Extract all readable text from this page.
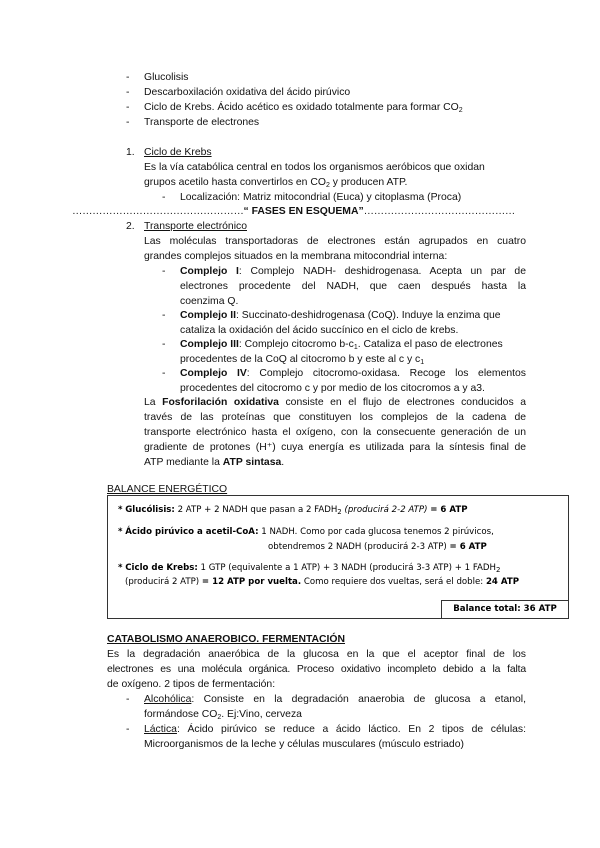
-	Glucolisis
-	Descarboxilación oxidativa del ácido pirúvico
-	Ciclo de Krebs. Ácido acético es oxidado totalmente para formar $CO_2$
-	Transporte de electrones
1. Ciclo de Krebs
Es la vía catabólica central en todos los organismos aeróbicos que oxidan
grupos acetilo hasta convertirlos en $CO_2$ y producen ATP.
-	Localización: Matriz mitocondrial (Euca) y citoplasma (Proca)
……………………………………………“ FASES EN ESQUEMA”………………………………………
2. Transporte electrónico
Las moléculas transportadoras de electrones están agrupados en cuatro
grandes complejos situados en la membrana mitocondrial interna:
-	Complejo I: Complejo NADH- deshidrogenasa. Acepta un par de
electrones procedente del NADH, que caen después hasta la
coenzima Q.
-	Complejo II: Succinato-deshidrogenasa (CoQ). Induye la enzima que
cataliza la oxidación del ácido succínico en el ciclo de krebs.
-	Complejo III: Complejo citocromo $b-c_1$. Cataliza el paso de electrones
procedentes de la CoQ al citocromo b y este al c y $c_1$
-	Complejo IV: Complejo citocromo-oxidasa. Recoge los elementos
procedentes del citocromo c y por medio de los citocromos a y a3.
La Fosforilación oxidativa consiste en el flujo de electrones conducidos a
través de las proteínas que constituyen los complejos de la cadena de
transporte electrónico hasta el oxígeno, con la consecuente generación de un
gradiente de protones (H⁺) cuya energía es utilizada para la síntesis final de
ATP mediante la ATP sintasa.
BALANCE ENERGÉTICO
* Glucólisis: 2 ATP + 2 NADH que pasan a 2 $FADH_2$ (producirá 2-2 ATP) = 6 ATP
* Ácido pirúvico a acetil-CoA: 1 NADH. Como por cada glucosa tenemos 2 pirúvicos,
obtendremos 2 NADH (producirá 2-3 ATP) = 6 ATP
* Ciclo de Krebs: 1 GTP (equivalente a 1 ATP) + 3 NADH (producirá 3-3 ATP) + 1 $FADH_2$
(producirá 2 ATP) = 12 ATP por vuelta. Como requiere dos vueltas, será el doble: 24 ATP
Balance total: 36 ATP
CATABOLISMO ANAEROBICO. FERMENTACIÓN
Es la degradación anaeróbica de la glucosa en la que el aceptor final de los
electrones es una molécula orgánica. Proceso oxidativo incompleto debido a la falta
de oxígeno. 2 tipos de fermentación:
-	Alcohólica: Consiste en la degradación anaerobia de glucosa a etanol,
formándose $CO_2$. Ej:Vino, cerveza
-	Láctica: Ácido pirúvico se reduce a ácido láctico. En 2 tipos de células:
Microorganismos de la leche y células musculares (músculo estriado)
